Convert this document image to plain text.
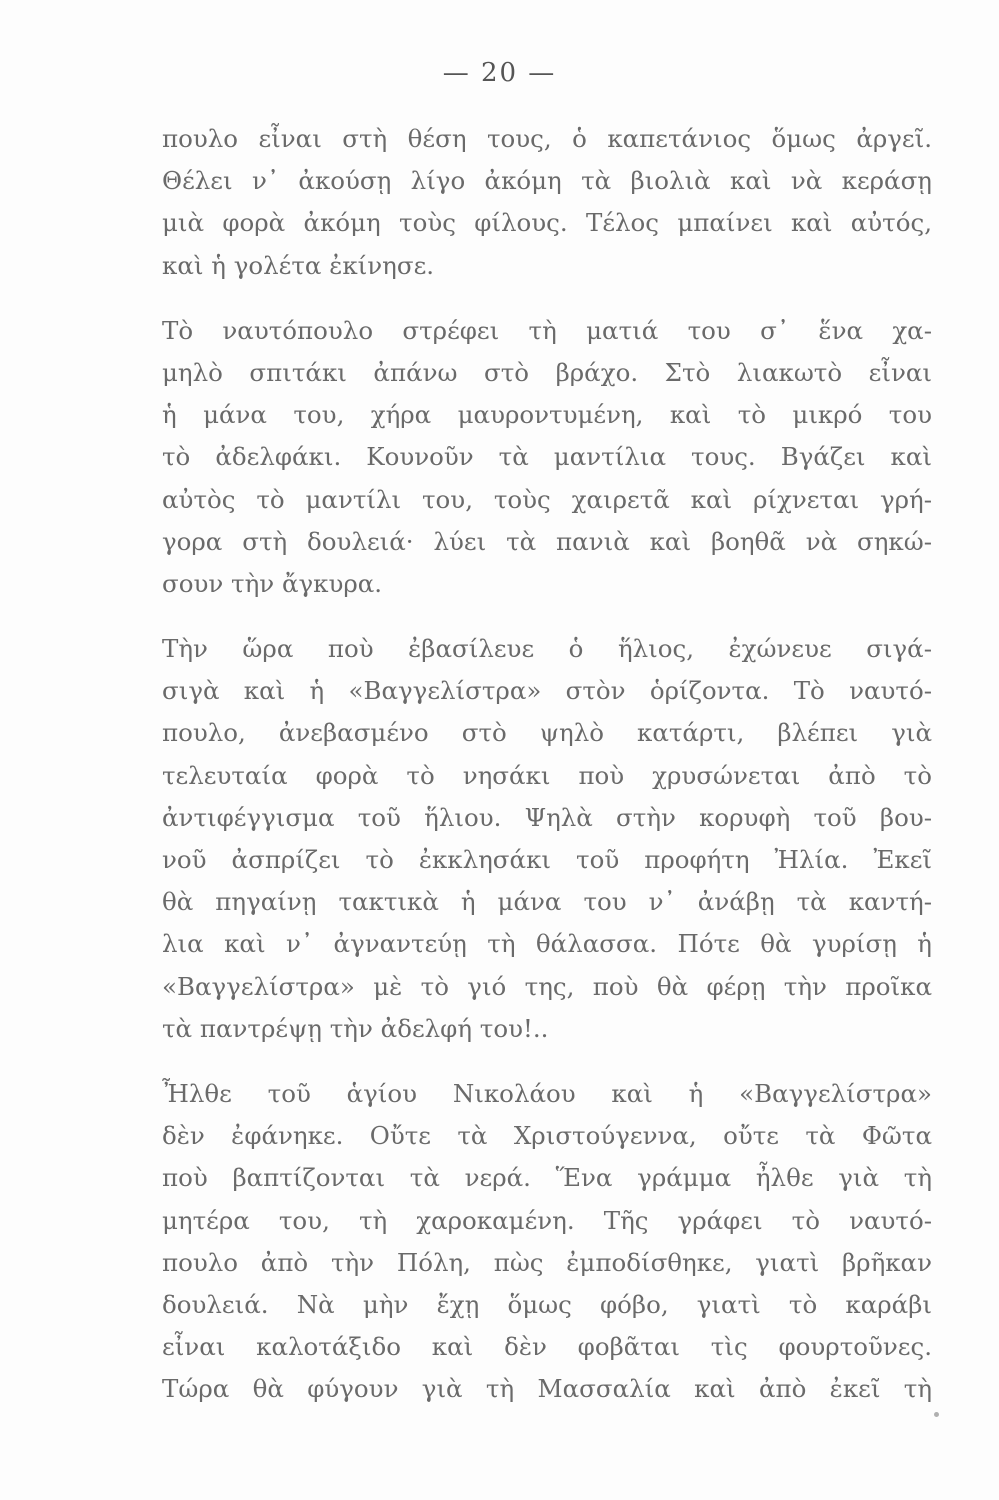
— 20 —
πουλο εἶναι στὴ θέση τους, ὁ καπετάνιος ὅμως ἀργεῖ.
Θέλει ν᾽ ἀκούσῃ λίγο ἀκόμη τὰ βιολιὰ καὶ νὰ κεράσῃ
μιὰ φορὰ ἀκόμη τοὺς φίλους. Τέλος μπαίνει καὶ αὐτός,
καὶ ἡ γολέτα ἐκίνησε.
Τὸ ναυτόπουλο στρέφει τὴ ματιά του σ᾽ ἕνα χα-
μηλὸ σπιτάκι ἀπάνω στὸ βράχο. Στὸ λιακωτὸ εἶναι
ἡ μάνα του, χήρα μαυροντυμένη, καὶ τὸ μικρό του
τὸ ἀδελφάκι. Κουνοῦν τὰ μαντίλια τους. Βγάζει καὶ
αὐτὸς τὸ μαντίλι του, τοὺς χαιρετᾶ καὶ ρίχνεται γρή-
γορα στὴ δουλειά· λύει τὰ πανιὰ καὶ βοηθᾶ νὰ σηκώ-
σουν τὴν ἄγκυρα.
Τὴν ὥρα ποὺ ἐβασίλευε ὁ ἥλιος, ἐχώνευε σιγά-
σιγὰ καὶ ἡ «Βαγγελίστρα» στὸν ὁρίζοντα. Τὸ ναυτό-
πουλο, ἀνεβασμένο στὸ ψηλὸ κατάρτι, βλέπει γιὰ
τελευταία φορὰ τὸ νησάκι ποὺ χρυσώνεται ἀπὸ τὸ
ἀντιφέγγισμα τοῦ ἥλιου. Ψηλὰ στὴν κορυφὴ τοῦ βου-
νοῦ ἀσπρίζει τὸ ἐκκλησάκι τοῦ προφήτη Ἠλία. Ἐκεῖ
θὰ πηγαίνῃ τακτικὰ ἡ μάνα του ν᾽ ἀνάβῃ τὰ καντή-
λια καὶ ν᾽ ἀγναντεύῃ τὴ θάλασσα. Πότε θὰ γυρίσῃ ἡ
«Βαγγελίστρα» μὲ τὸ γιό της, ποὺ θὰ φέρῃ τὴν προῖκα
τὰ παντρέψῃ τὴν ἀδελφή του!..
Ἦλθε τοῦ ἁγίου Νικολάου καὶ ἡ «Βαγγελίστρα»
δὲν ἐφάνηκε. Οὔτε τὰ Χριστούγεννα, οὔτε τὰ Φῶτα
ποὺ βαπτίζονται τὰ νερά. Ἕνα γράμμα ἦλθε γιὰ τὴ
μητέρα του, τὴ χαροκαμένη. Τῆς γράφει τὸ ναυτό-
πουλο ἀπὸ τὴν Πόλη, πὼς ἐμποδίσθηκε, γιατὶ βρῆκαν
δουλειά. Νὰ μὴν ἔχῃ ὅμως φόβο, γιατὶ τὸ καράβι
εἶναι καλοτάξιδο καὶ δὲν φοβᾶται τὶς φουρτοῦνες.
Τώρα θὰ φύγουν γιὰ τὴ Μασσαλία καὶ ἀπὸ ἐκεῖ τὴ
